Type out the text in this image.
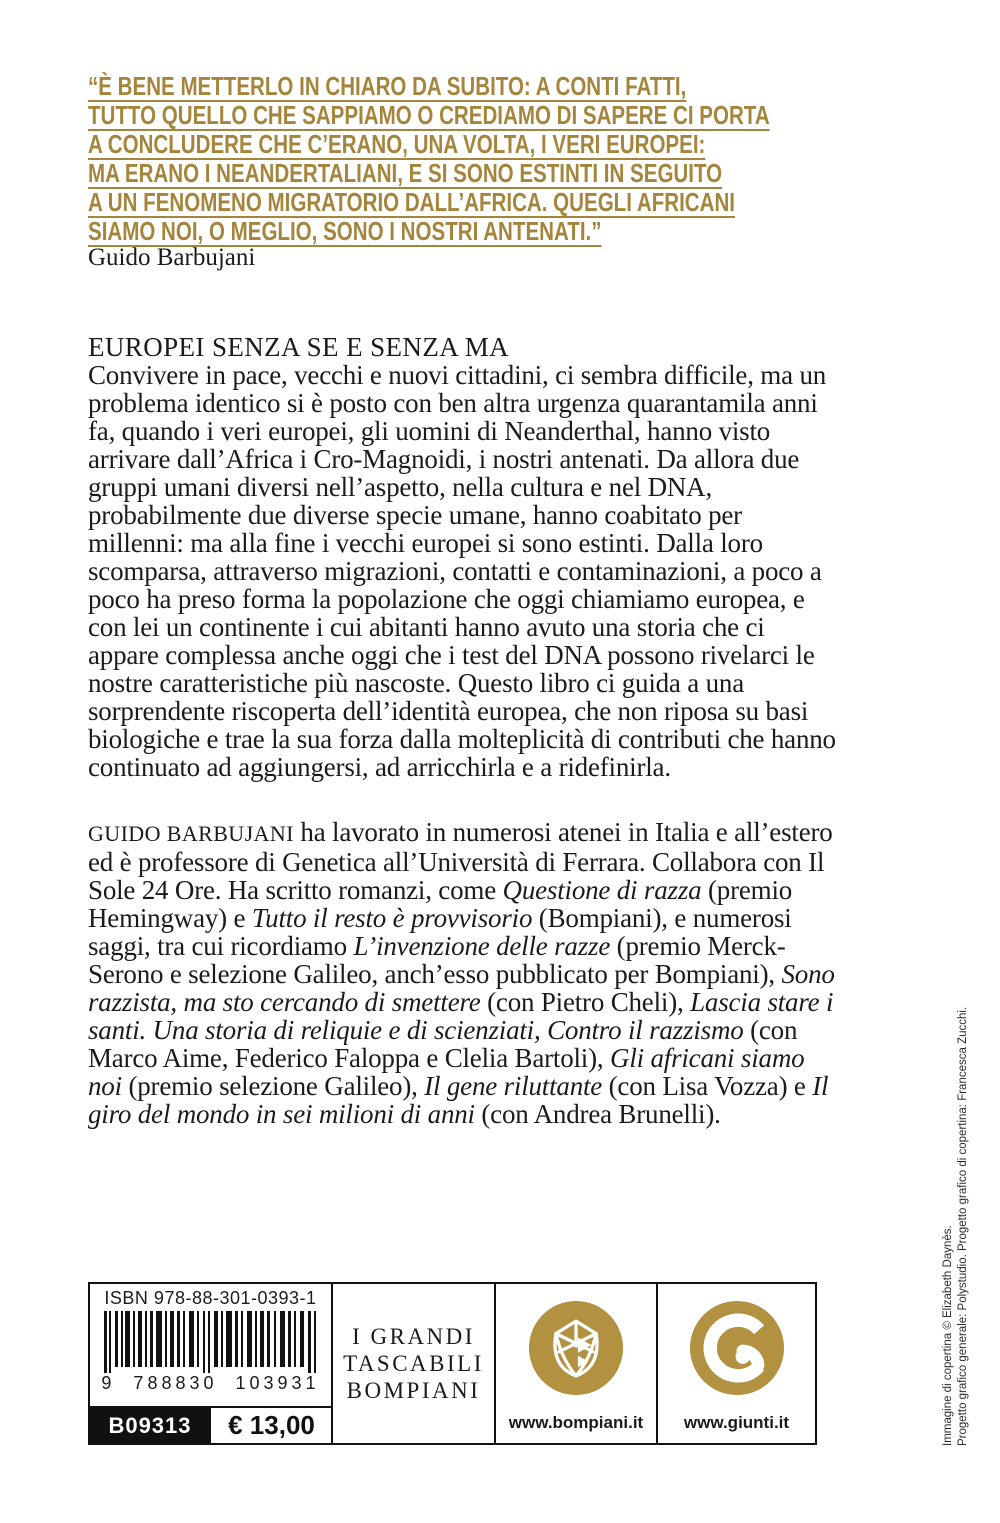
“È BENE METTERLO IN CHIARO DA SUBITO: A CONTI FATTI,
TUTTO QUELLO CHE SAPPIAMO O CREDIAMO DI SAPERE CI PORTA
A CONCLUDERE CHE C’ERANO, UNA VOLTA, I VERI EUROPEI:
MA ERANO I NEANDERTALIANI, E SI SONO ESTINTI IN SEGUITO
A UN FENOMENO MIGRATORIO DALL’AFRICA. QUEGLI AFRICANI
SIAMO NOI, O MEGLIO, SONO I NOSTRI ANTENATI.”
Guido Barbujani
EUROPEI SENZA SE E SENZA MA
Convivere in pace, vecchi e nuovi cittadini, ci sembra difficile, ma un problema identico si è posto con ben altra urgenza quarantamila anni fa, quando i veri europei, gli uomini di Neanderthal, hanno visto arrivare dall’Africa i Cro-Magnoidi, i nostri antenati. Da allora due gruppi umani diversi nell’aspetto, nella cultura e nel DNA, probabilmente due diverse specie umane, hanno coabitato per millenni: ma alla fine i vecchi europei si sono estinti. Dalla loro scomparsa, attraverso migrazioni, contatti e contaminazioni, a poco a poco ha preso forma la popolazione che oggi chiamiamo europea, e con lei un continente i cui abitanti hanno avuto una storia che ci appare complessa anche oggi che i test del DNA possono rivelarci le nostre caratteristiche più nascoste. Questo libro ci guida a una sorprendente riscoperta dell’identità europea, che non riposa su basi biologiche e trae la sua forza dalla molteplicità di contributi che hanno continuato ad aggiungersi, ad arricchirla e a ridefinirla.
GUIDO BARBUJANI ha lavorato in numerosi atenei in Italia e all’estero ed è professore di Genetica all’Università di Ferrara. Collabora con Il Sole 24 Ore. Ha scritto romanzi, come Questione di razza (premio Hemingway) e Tutto il resto è provvisorio (Bompiani), e numerosi saggi, tra cui ricordiamo L’invenzione delle razze (premio Merck-Serono e selezione Galileo, anch’esso pubblicato per Bompiani), Sono razzista, ma sto cercando di smettere (con Pietro Cheli), Lascia stare i santi. Una storia di reliquie e di scienziati, Contro il razzismo (con Marco Aime, Federico Faloppa e Clelia Bartoli), Gli africani siamo noi (premio selezione Galileo), Il gene riluttante (con Lisa Vozza) e Il giro del mondo in sei milioni di anni (con Andrea Brunelli).
ISBN 978-88-301-0393-1
9 788830 103931
B09313	€ 13,00
I GRANDI
TASCABILI
BOMPIANI
www.bompiani.it www.giunti.it	Immagine di copertina © Elizabeth Daynès. Progetto grafico generale: Polystudio. Progetto grafico di copertina: Francesca Zucchi.
